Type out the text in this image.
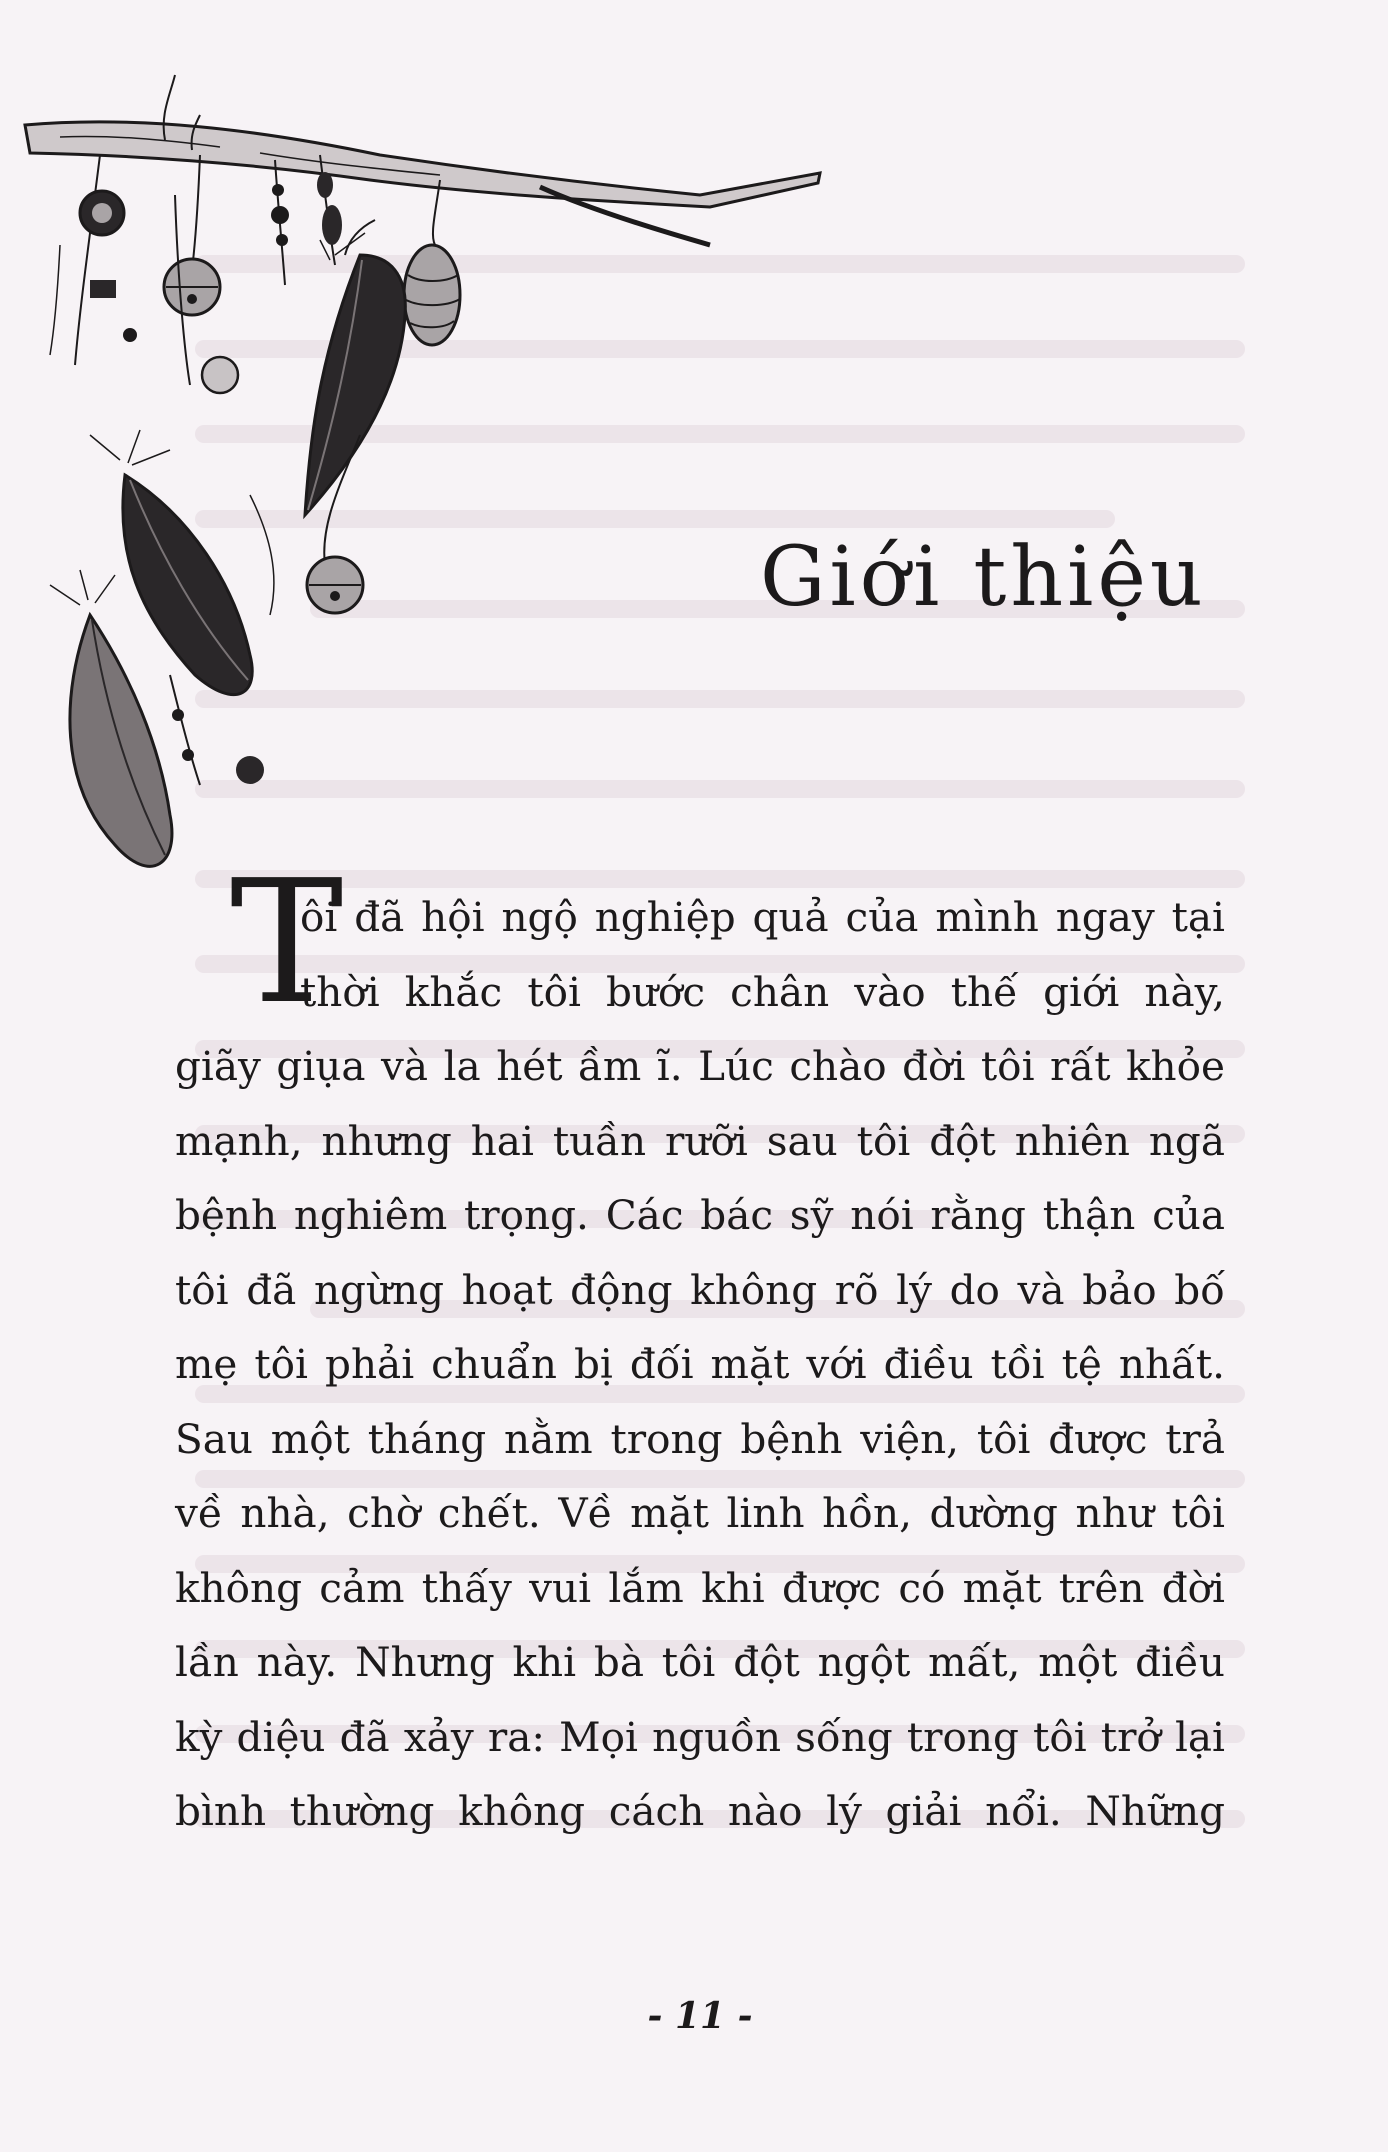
Giới thiệu
T
ôi đã hội ngộ nghiệp quả của mình ngay tại
thời khắc tôi bước chân vào thế giới này,
giãy giụa và la hét ầm ĩ. Lúc chào đời tôi rất khỏe
mạnh, nhưng hai tuần rưỡi sau tôi đột nhiên ngã
bệnh nghiêm trọng. Các bác sỹ nói rằng thận của
tôi đã ngừng hoạt động không rõ lý do và bảo bố
mẹ tôi phải chuẩn bị đối mặt với điều tồi tệ nhất.
Sau một tháng nằm trong bệnh viện, tôi được trả
về nhà, chờ chết. Về mặt linh hồn, dường như tôi
không cảm thấy vui lắm khi được có mặt trên đời
lần này. Nhưng khi bà tôi đột ngột mất, một điều
kỳ diệu đã xảy ra: Mọi nguồn sống trong tôi trở lại
bình thường không cách nào lý giải nổi. Những
- 11 -
